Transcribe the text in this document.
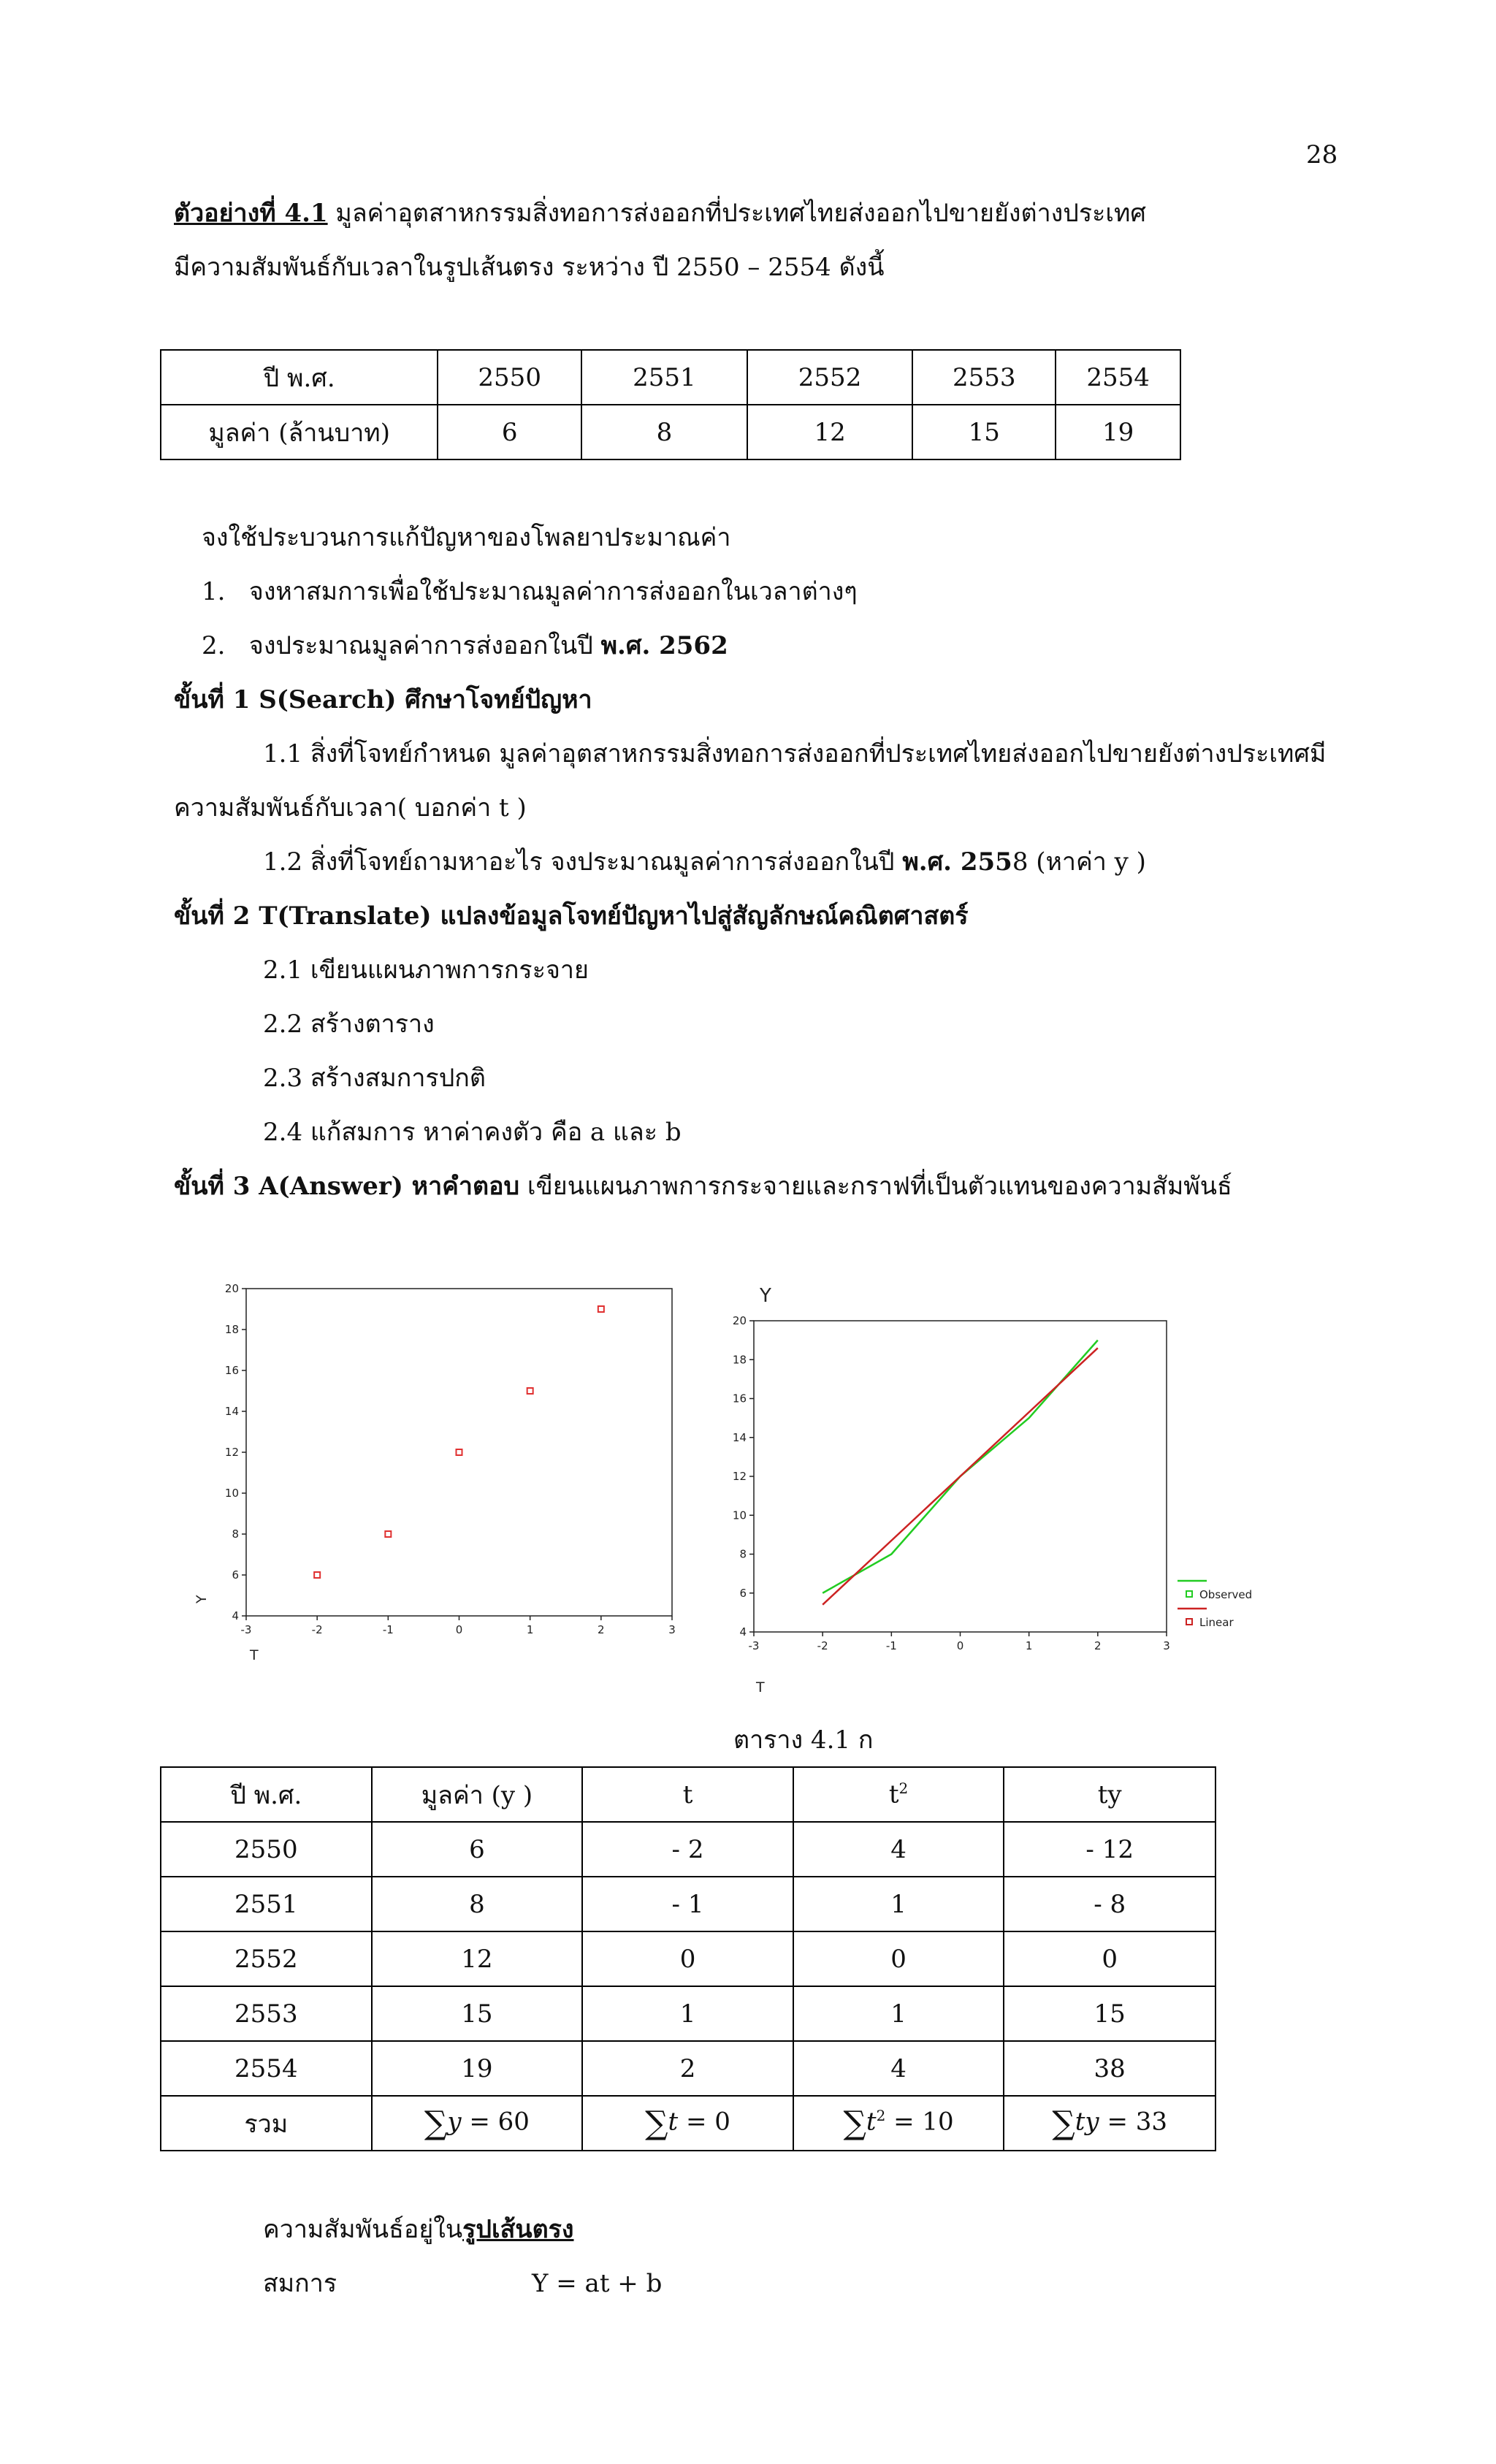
28
ตัวอย่างที่ 4.1 มูลค่าอุตสาหกรรมสิ่งทอการส่งออกที่ประเทศไทยส่งออกไปขายยังต่างประเทศ
มีความสัมพันธ์กับเวลาในรูปเส้นตรง ระหว่าง ปี 2550 – 2554 ดังนี้
ปี พ.ศ.	2550	2551	2552	2553	2554
มูลค่า (ล้านบาท)	6	8	12	15	19
จงใช้ประบวนการแก้ปัญหาของโพลยาประมาณค่า
1. จงหาสมการเพื่อใช้ประมาณมูลค่าการส่งออกในเวลาต่างๆ
2. จงประมาณมูลค่าการส่งออกในปี พ.ศ. 2562
ขั้นที่ 1 S(Search) ศึกษาโจทย์ปัญหา
1.1 สิ่งที่โจทย์กำหนด มูลค่าอุตสาหกรรมสิ่งทอการส่งออกที่ประเทศไทยส่งออกไปขายยังต่างประเทศมี
ความสัมพันธ์กับเวลา( บอกค่า t )
1.2 สิ่งที่โจทย์ถามหาอะไร จงประมาณมูลค่าการส่งออกในปี พ.ศ. 2558 (หาค่า y )
ขั้นที่ 2 T(Translate) แปลงข้อมูลโจทย์ปัญหาไปสู่สัญลักษณ์คณิตศาสตร์
2.1 เขียนแผนภาพการกระจาย
2.2 สร้างตาราง
2.3 สร้างสมการปกติ
2.4 แก้สมการ หาค่าคงตัว คือ a และ b
ขั้นที่ 3 A(Answer) หาคำตอบ เขียนแผนภาพการกระจายและกราฟที่เป็นตัวแทนของความสัมพันธ์
-3	-2	-1	0	1	2	3
4
6
8
10
12
14
16
18
20
T
Y
-3	-2	-1	0	1	2	3
4
6
8
10
12
14
16
18
20
T
Y
Observed
Linear
ตาราง 4.1 ก
ปี พ.ศ.	มูลค่า (y )	t	$t^2$	ty
2550	6	- 2	4	- 12
2551	8	- 1	1	- 8
2552	12	0	0	0
2553	15	1	1	15
2554	19	2	4	38
รวม	∑y = 60	∑t = 0	$\sum t^2 = 10$	∑ty = 33
ความสัมพันธ์อยู่ในรูปเส้นตรง
สมการ	Y = at + b
